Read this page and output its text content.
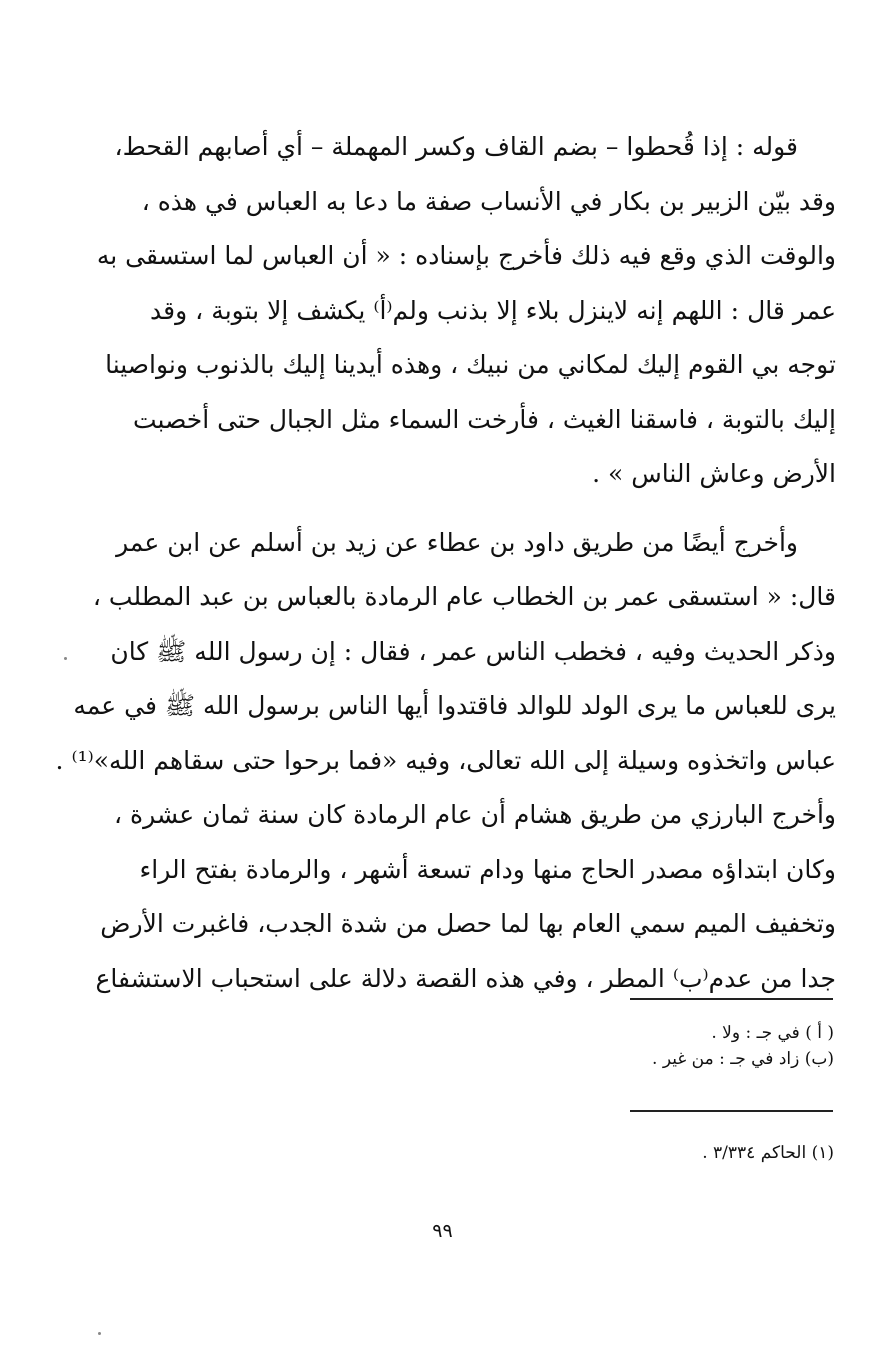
قوله : إذا قُحطوا – بضم القاف وكسر المهملة – أي أصابهم القحط،
وقد بيّن الزبير بن بكار في الأنساب صفة ما دعا به العباس في هذه ،
والوقت الذي وقع فيه ذلك فأخرج بإسناده : « أن العباس لما استسقى به
عمر قال : اللهم إنه لاينزل بلاء إلا بذنب ولم⁽أ⁾ يكشف إلا بتوبة ، وقد
توجه بي القوم إليك لمكاني من نبيك ، وهذه أيدينا إليك بالذنوب ونواصينا
إليك بالتوبة ، فاسقنا الغيث ، فأرخت السماء مثل الجبال حتى أخصبت
الأرض وعاش الناس » .
وأخرج أيضًا من طريق داود بن عطاء عن زيد بن أسلم عن ابن عمر
قال: « استسقى عمر بن الخطاب عام الرمادة بالعباس بن عبد المطلب ،
وذكر الحديث وفيه ، فخطب الناس عمر ، فقال : إن رسول الله ﷺ كان
يرى للعباس ما يرى الولد للوالد فاقتدوا أيها الناس برسول الله ﷺ في عمه
عباس واتخذوه وسيلة إلى الله تعالى، وفيه «فما برحوا حتى سقاهم الله»⁽¹⁾ .
وأخرج البارزي من طريق هشام أن عام الرمادة كان سنة ثمان عشرة ،
وكان ابتداؤه مصدر الحاج منها ودام تسعة أشهر ، والرمادة بفتح الراء
وتخفيف الميم سمي العام بها لما حصل من شدة الجدب، فاغبرت الأرض
جدا من عدم⁽ب⁾ المطر ، وفي هذه القصة دلالة على استحباب الاستشفاع
( أ ) في جـ : ولا .
(ب) زاد في جـ : من غير .
(١) الحاكم ٣/٣٣٤ .
٩٩
